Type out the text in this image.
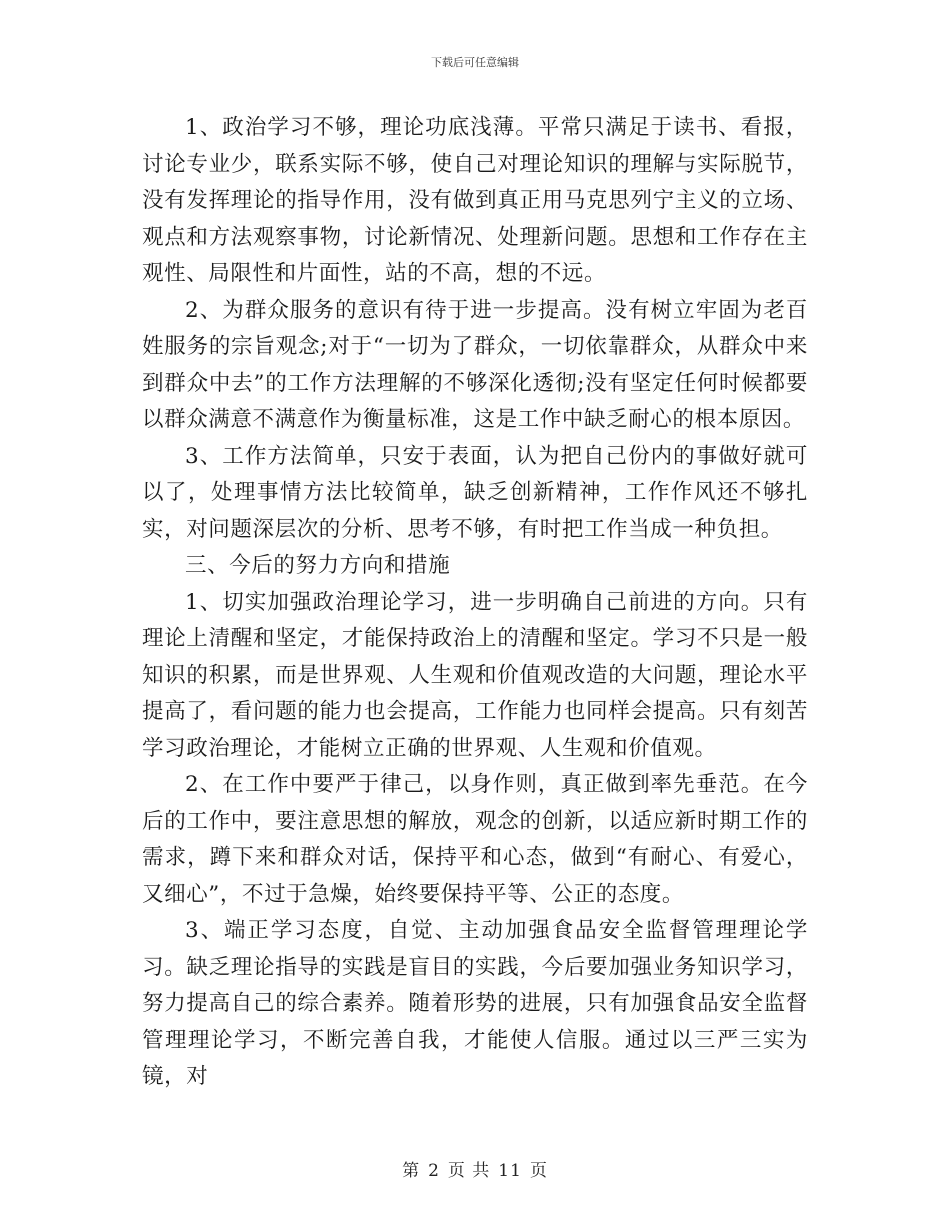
下载后可任意编辑

1、政治学习不够，理论功底浅薄。平常只满足于读书、看报，讨论专业少，联系实际不够，使自己对理论知识的理解与实际脱节，没有发挥理论的指导作用，没有做到真正用马克思列宁主义的立场、观点和方法观察事物，讨论新情况、处理新问题。思想和工作存在主观性、局限性和片面性，站的不高，想的不远。

2、为群众服务的意识有待于进一步提高。没有树立牢固为老百姓服务的宗旨观念;对于“一切为了群众，一切依靠群众，从群众中来到群众中去”的工作方法理解的不够深化透彻;没有坚定任何时候都要以群众满意不满意作为衡量标准，这是工作中缺乏耐心的根本原因。

3、工作方法简单，只安于表面，认为把自己份内的事做好就可以了，处理事情方法比较简单，缺乏创新精神，工作作风还不够扎实，对问题深层次的分析、思考不够，有时把工作当成一种负担。

三、今后的努力方向和措施

1、切实加强政治理论学习，进一步明确自己前进的方向。只有理论上清醒和坚定，才能保持政治上的清醒和坚定。学习不只是一般知识的积累，而是世界观、人生观和价值观改造的大问题，理论水平提高了，看问题的能力也会提高，工作能力也同样会提高。只有刻苦学习政治理论，才能树立正确的世界观、人生观和价值观。

2、在工作中要严于律己，以身作则，真正做到率先垂范。在今后的工作中，要注意思想的解放，观念的创新，以适应新时期工作的需求，蹲下来和群众对话，保持平和心态，做到“有耐心、有爱心，又细心”，不过于急燥，始终要保持平等、公正的态度。

3、端正学习态度，自觉、主动加强食品安全监督管理理论学习。缺乏理论指导的实践是盲目的实践，今后要加强业务知识学习，努力提高自己的综合素养。随着形势的进展，只有加强食品安全监督管理理论学习，不断完善自我，才能使人信服。通过以三严三实为镜，对

第 2 页 共 11 页
